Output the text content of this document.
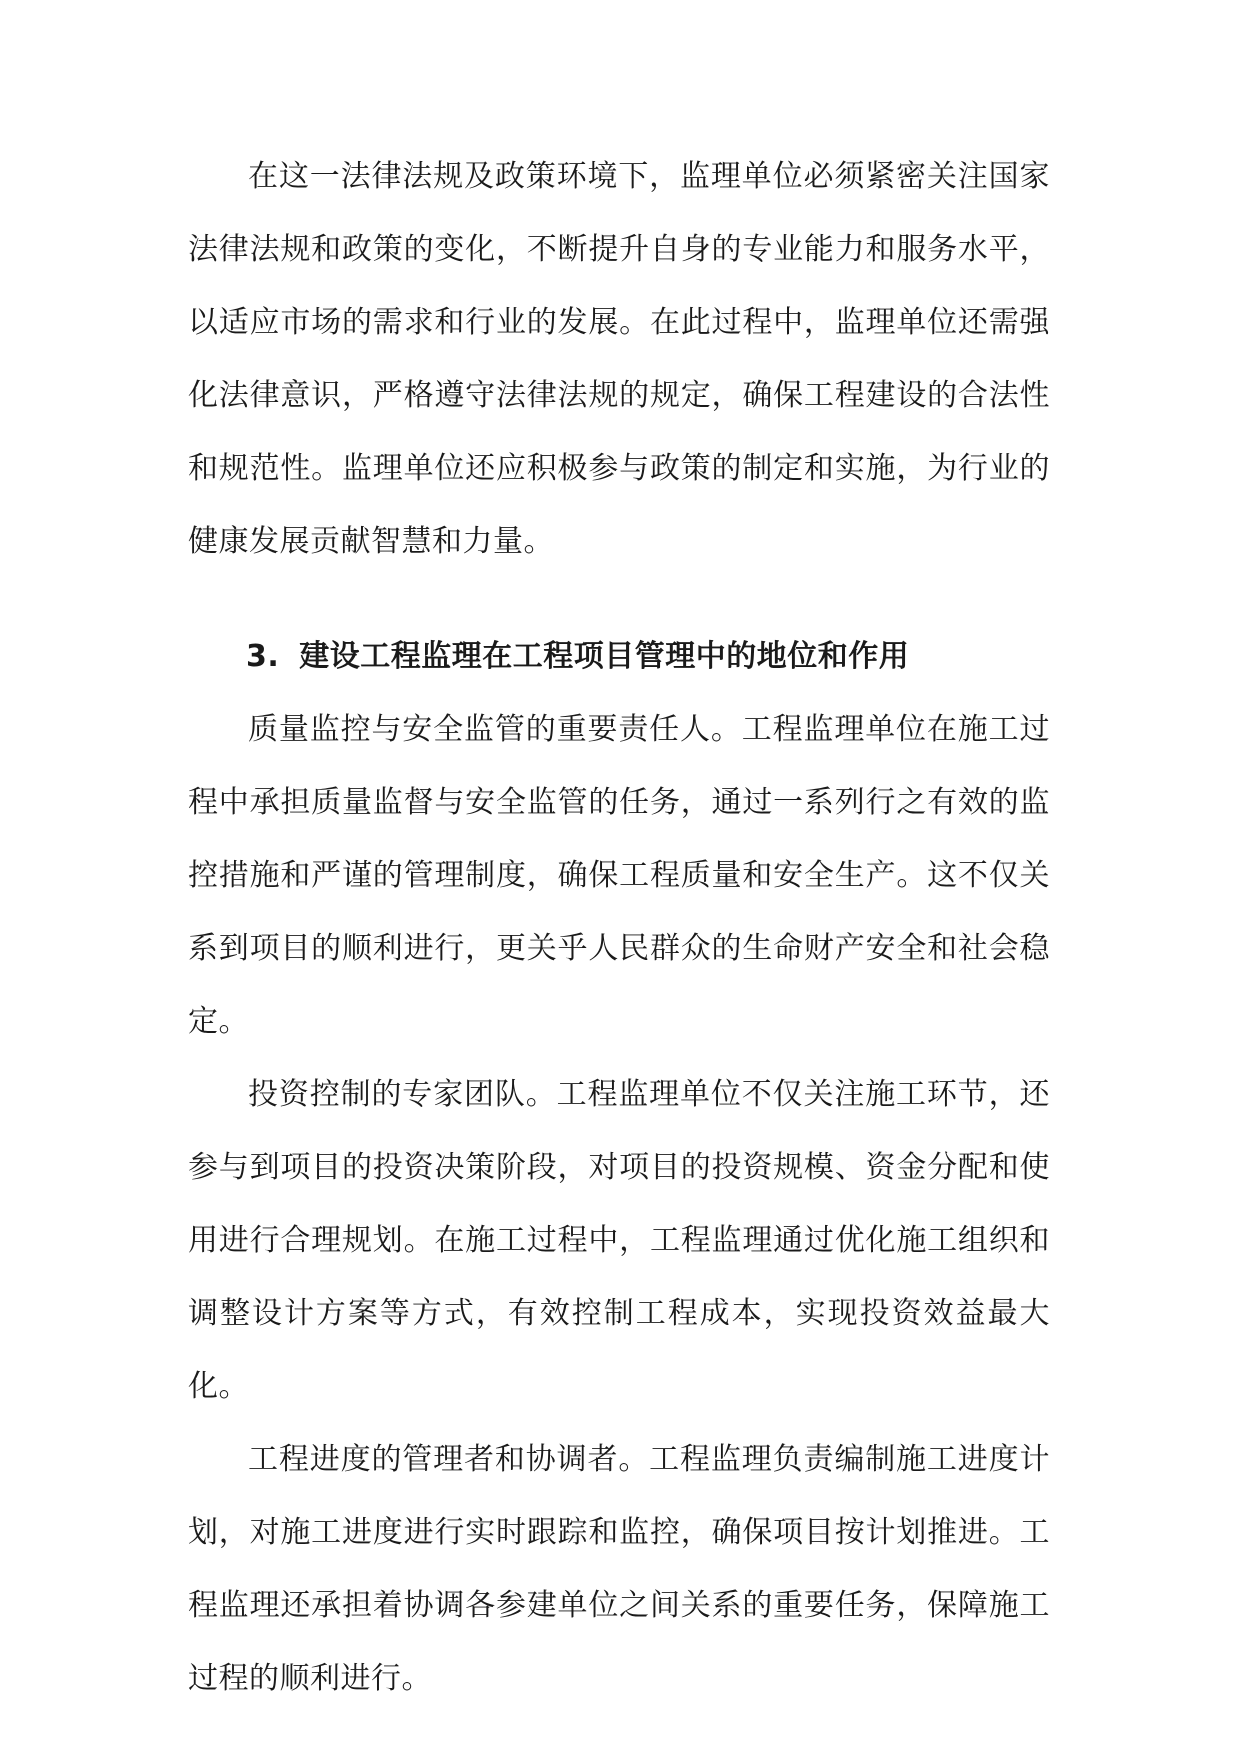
在这一法律法规及政策环境下，监理单位必须紧密关注国家法律法规和政策的变化，不断提升自身的专业能力和服务水平，以适应市场的需求和行业的发展。在此过程中，监理单位还需强化法律意识，严格遵守法律法规的规定，确保工程建设的合法性和规范性。监理单位还应积极参与政策的制定和实施，为行业的健康发展贡献智慧和力量。

3. 建设工程监理在工程项目管理中的地位和作用

质量监控与安全监管的重要责任人。工程监理单位在施工过程中承担质量监督与安全监管的任务，通过一系列行之有效的监控措施和严谨的管理制度，确保工程质量和安全生产。这不仅关系到项目的顺利进行，更关乎人民群众的生命财产安全和社会稳定。

投资控制的专家团队。工程监理单位不仅关注施工环节，还参与到项目的投资决策阶段，对项目的投资规模、资金分配和使用进行合理规划。在施工过程中，工程监理通过优化施工组织和调整设计方案等方式，有效控制工程成本，实现投资效益最大化。

工程进度的管理者和协调者。工程监理负责编制施工进度计划，对施工进度进行实时跟踪和监控，确保项目按计划推进。工程监理还承担着协调各参建单位之间关系的重要任务，保障施工过程的顺利进行。
